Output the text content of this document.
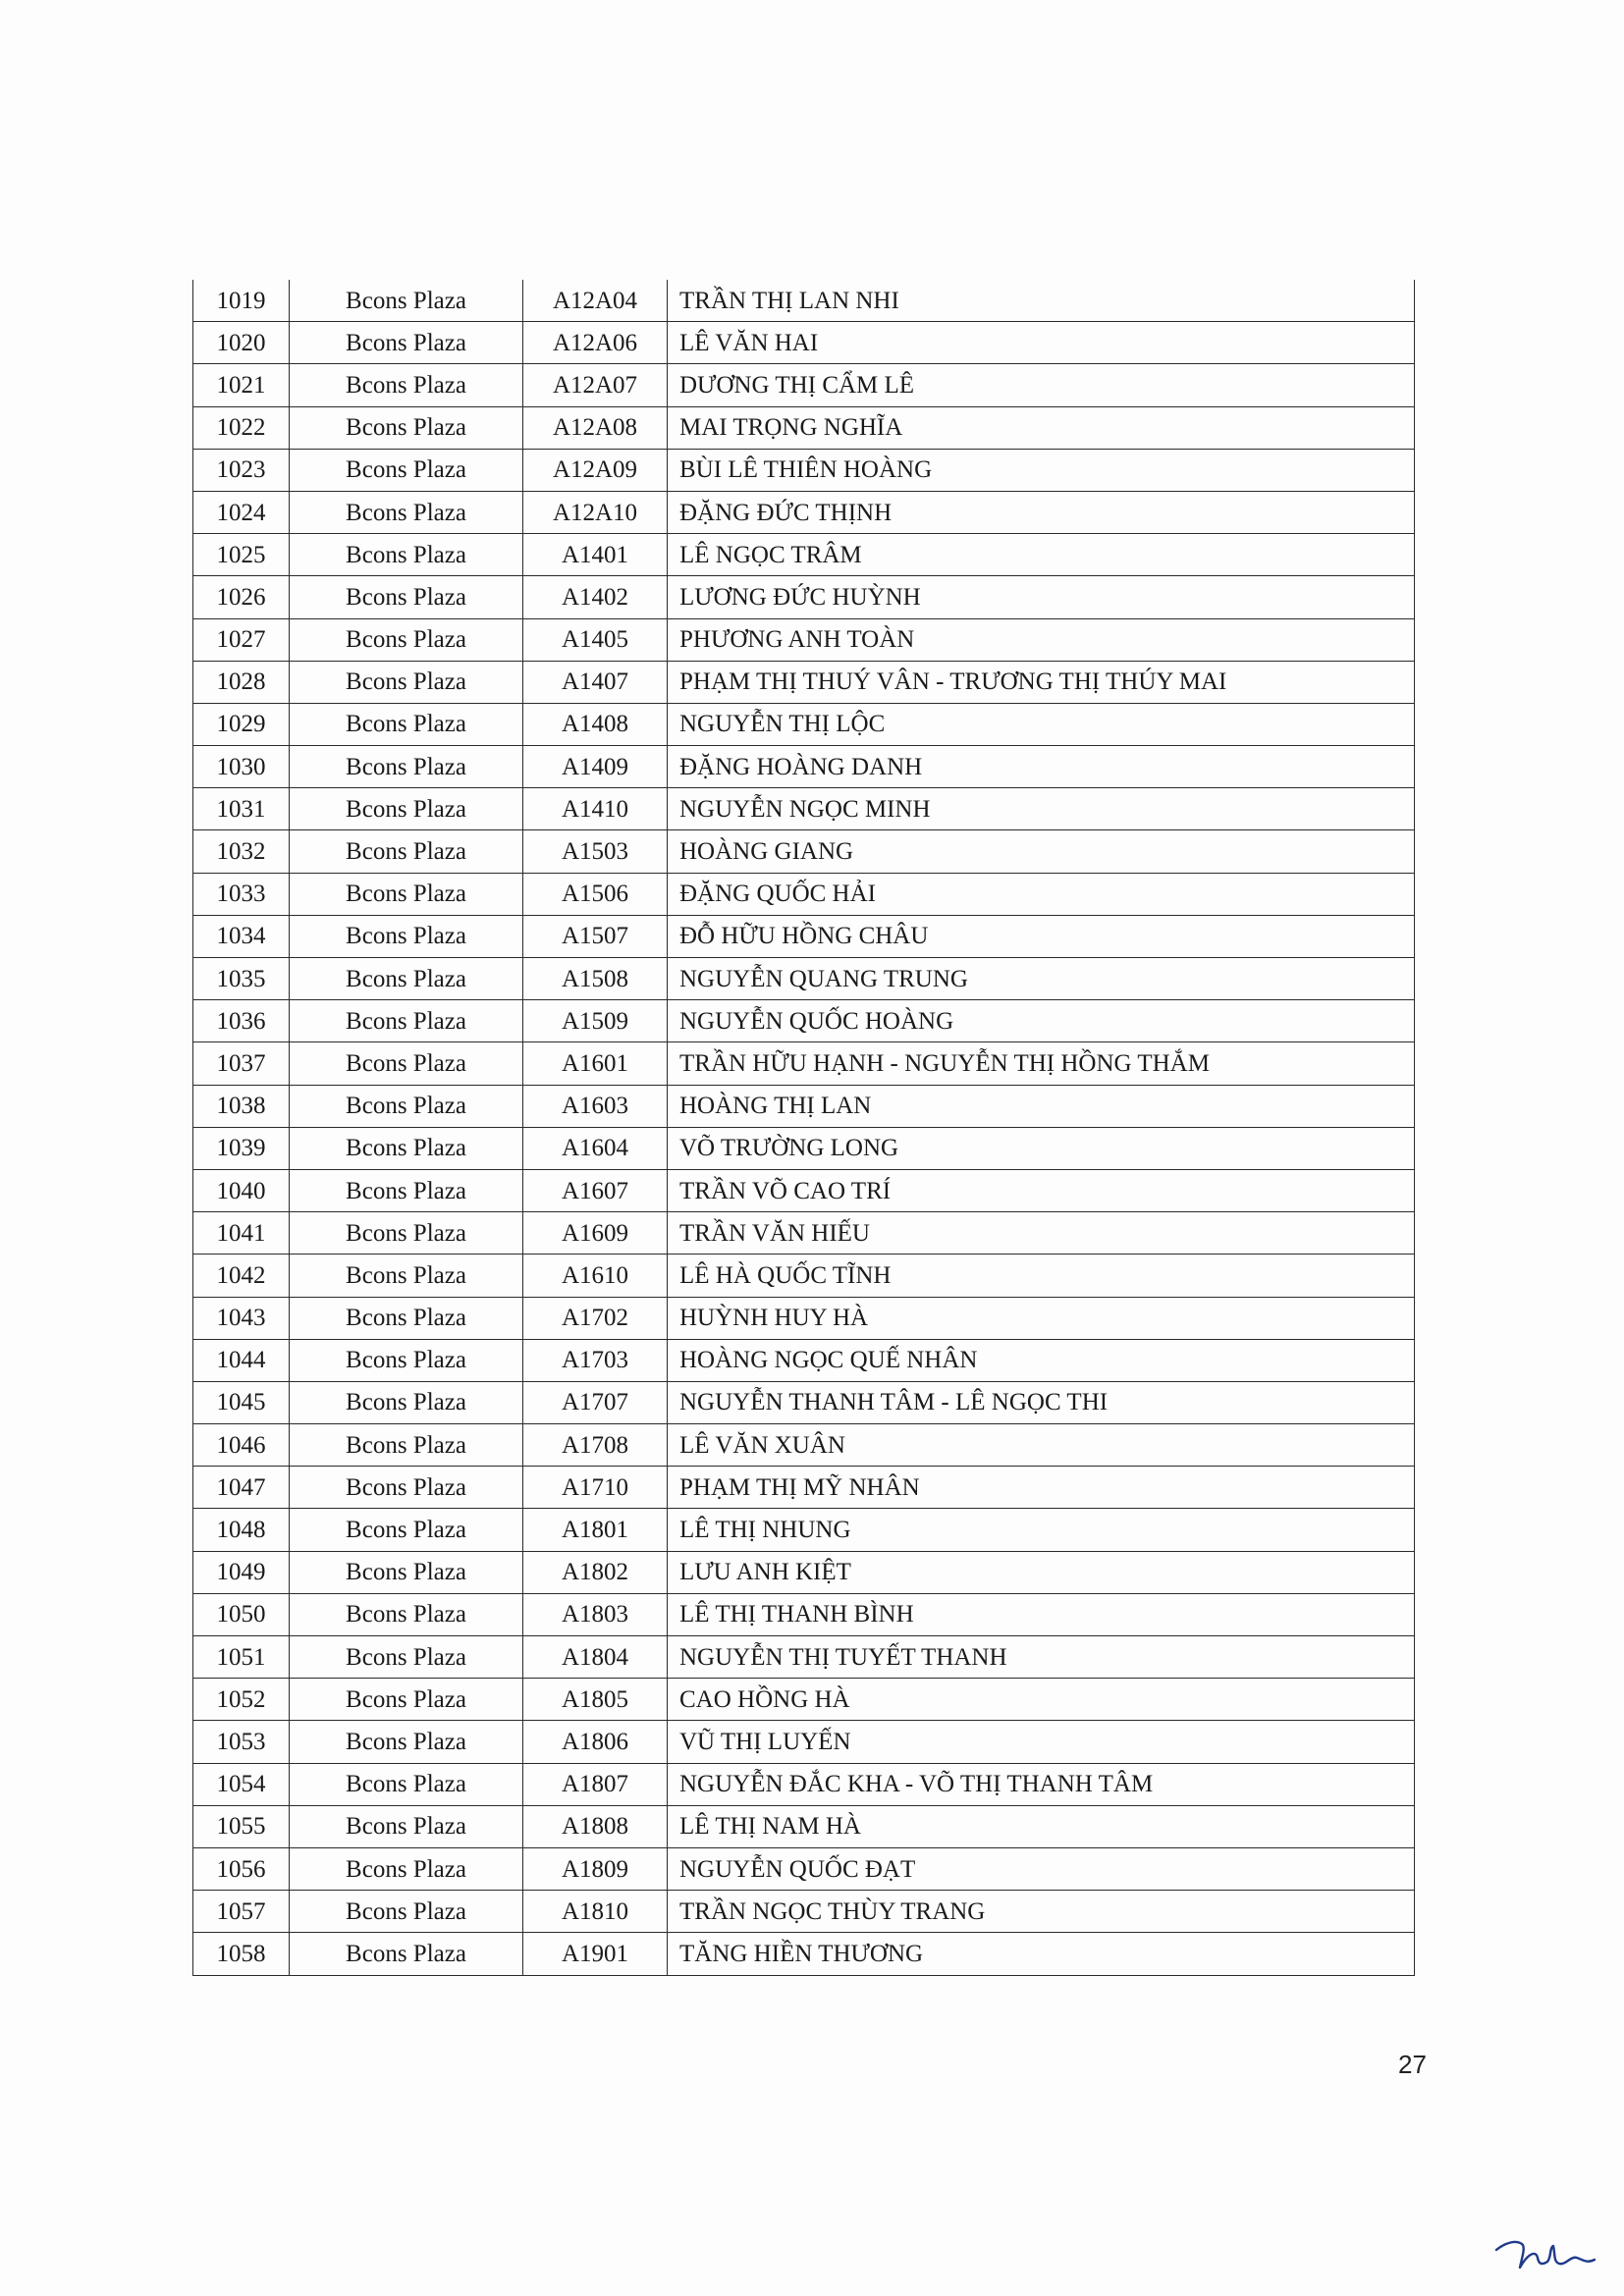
1019	Bcons Plaza	A12A04	TRẦN THỊ LAN NHI
1020	Bcons Plaza	A12A06	LÊ VĂN HAI
1021	Bcons Plaza	A12A07	DƯƠNG THỊ CẨM LÊ
1022	Bcons Plaza	A12A08	MAI TRỌNG NGHĨA
1023	Bcons Plaza	A12A09	BÙI LÊ THIÊN HOÀNG
1024	Bcons Plaza	A12A10	ĐẶNG ĐỨC THỊNH
1025	Bcons Plaza	A1401	LÊ NGỌC TRÂM
1026	Bcons Plaza	A1402	LƯƠNG ĐỨC HUỲNH
1027	Bcons Plaza	A1405	PHƯƠNG ANH TOÀN
1028	Bcons Plaza	A1407	PHẠM THỊ THUÝ VÂN - TRƯƠNG THỊ THÚY MAI
1029	Bcons Plaza	A1408	NGUYỄN THỊ LỘC
1030	Bcons Plaza	A1409	ĐẶNG HOÀNG DANH
1031	Bcons Plaza	A1410	NGUYỄN NGỌC MINH
1032	Bcons Plaza	A1503	HOÀNG GIANG
1033	Bcons Plaza	A1506	ĐẶNG QUỐC HẢI
1034	Bcons Plaza	A1507	ĐỖ HỮU HỒNG CHÂU
1035	Bcons Plaza	A1508	NGUYỄN QUANG TRUNG
1036	Bcons Plaza	A1509	NGUYỄN QUỐC HOÀNG
1037	Bcons Plaza	A1601	TRẦN HỮU HẠNH - NGUYỄN THỊ HỒNG THẮM
1038	Bcons Plaza	A1603	HOÀNG THỊ LAN
1039	Bcons Plaza	A1604	VÕ TRƯỜNG LONG
1040	Bcons Plaza	A1607	TRẦN VÕ CAO TRÍ
1041	Bcons Plaza	A1609	TRẦN VĂN HIẾU
1042	Bcons Plaza	A1610	LÊ HÀ QUỐC TĨNH
1043	Bcons Plaza	A1702	HUỲNH HUY HÀ
1044	Bcons Plaza	A1703	HOÀNG NGỌC QUẾ NHÂN
1045	Bcons Plaza	A1707	NGUYỄN THANH TÂM - LÊ NGỌC THI
1046	Bcons Plaza	A1708	LÊ VĂN XUÂN
1047	Bcons Plaza	A1710	PHẠM THỊ MỸ NHÂN
1048	Bcons Plaza	A1801	LÊ THỊ NHUNG
1049	Bcons Plaza	A1802	LƯU ANH KIỆT
1050	Bcons Plaza	A1803	LÊ THỊ THANH BÌNH
1051	Bcons Plaza	A1804	NGUYỄN THỊ TUYẾT THANH
1052	Bcons Plaza	A1805	CAO HỒNG HÀ
1053	Bcons Plaza	A1806	VŨ THỊ LUYẾN
1054	Bcons Plaza	A1807	NGUYỄN ĐẮC KHA - VÕ THỊ THANH TÂM
1055	Bcons Plaza	A1808	LÊ THỊ NAM HÀ
1056	Bcons Plaza	A1809	NGUYỄN QUỐC ĐẠT
1057	Bcons Plaza	A1810	TRẦN NGỌC THÙY TRANG
1058	Bcons Plaza	A1901	TĂNG HIỀN THƯƠNG
27
